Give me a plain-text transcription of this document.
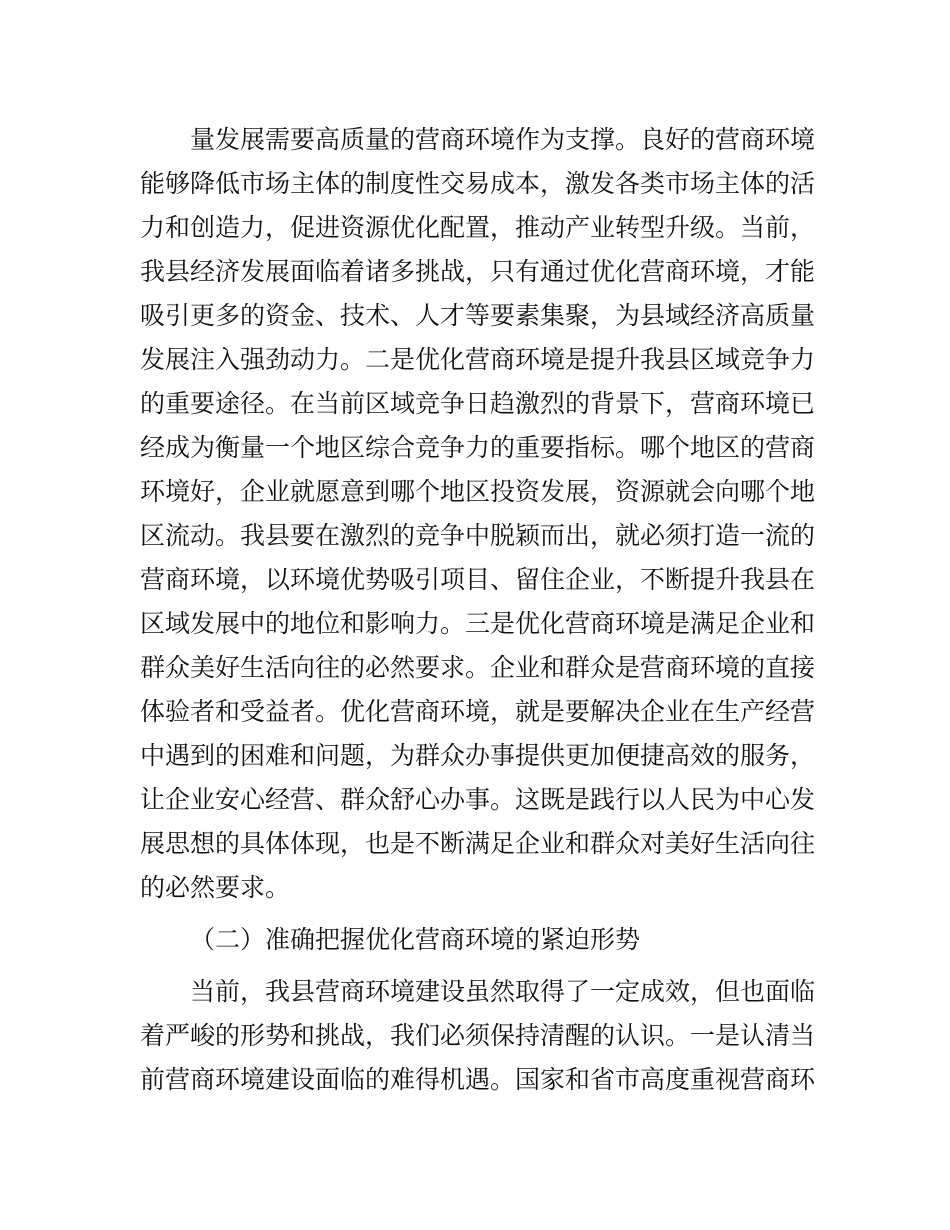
量发展需要高质量的营商环境作为支撑。良好的营商环境
能够降低市场主体的制度性交易成本，激发各类市场主体的活
力和创造力，促进资源优化配置，推动产业转型升级。当前，
我县经济发展面临着诸多挑战，只有通过优化营商环境，才能
吸引更多的资金、技术、人才等要素集聚，为县域经济高质量
发展注入强劲动力。二是优化营商环境是提升我县区域竞争力
的重要途径。在当前区域竞争日趋激烈的背景下，营商环境已
经成为衡量一个地区综合竞争力的重要指标。哪个地区的营商
环境好，企业就愿意到哪个地区投资发展，资源就会向哪个地
区流动。我县要在激烈的竞争中脱颖而出，就必须打造一流的
营商环境，以环境优势吸引项目、留住企业，不断提升我县在
区域发展中的地位和影响力。三是优化营商环境是满足企业和
群众美好生活向往的必然要求。企业和群众是营商环境的直接
体验者和受益者。优化营商环境，就是要解决企业在生产经营
中遇到的困难和问题，为群众办事提供更加便捷高效的服务，
让企业安心经营、群众舒心办事。这既是践行以人民为中心发
展思想的具体体现，也是不断满足企业和群众对美好生活向往
的必然要求。
（二）准确把握优化营商环境的紧迫形势
当前，我县营商环境建设虽然取得了一定成效，但也面临
着严峻的形势和挑战，我们必须保持清醒的认识。一是认清当
前营商环境建设面临的难得机遇。国家和省市高度重视营商环
